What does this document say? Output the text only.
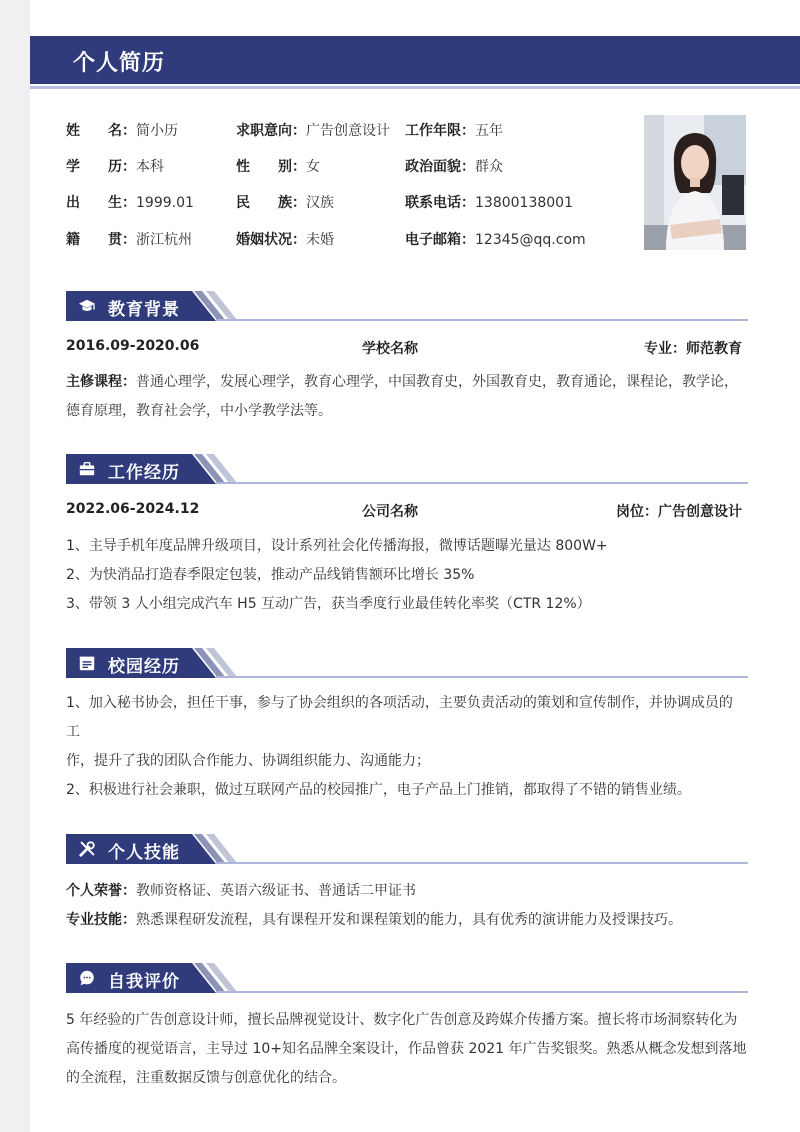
个人简历
姓　　名：简小历	求职意向：广告创意设计 工作年限：五年
学　　历：本科	性　　别：女	政治面貌：群众
出　　生：1999.01	民　　族：汉族	联系电话：13800138001
籍　　贯：浙江杭州	婚姻状况：未婚	电子邮箱：12345@qq.com
教育背景
2016.09-2020.06	学校名称	专业：师范教育
主修课程：普通心理学，发展心理学，教育心理学，中国教育史，外国教育史，教育通论，课程论，教学论，
德育原理，教育社会学，中小学教学法等。
工作经历
2022.06-2024.12	公司名称	岗位：广告创意设计
1、主导手机年度品牌升级项目，设计系列社会化传播海报，微博话题曝光量达 800W+
2、为快消品打造春季限定包装，推动产品线销售额环比增长 35%
3、带领 3 人小组完成汽车 H5 互动广告，获当季度行业最佳转化率奖（CTR 12%）
校园经历
1、加入秘书协会，担任干事，参与了协会组织的各项活动，主要负责活动的策划和宣传制作，并协调成员的
工
作，提升了我的团队合作能力、协调组织能力、沟通能力；
2、积极进行社会兼职，做过互联网产品的校园推广，电子产品上门推销，都取得了不错的销售业绩。
个人技能
个人荣誉：教师资格证、英语六级证书、普通话二甲证书
专业技能：熟悉课程研发流程，具有课程开发和课程策划的能力，具有优秀的演讲能力及授课技巧。
自我评价
5 年经验的广告创意设计师，擅长品牌视觉设计、数字化广告创意及跨媒介传播方案。擅长将市场洞察转化为
高传播度的视觉语言，主导过 10+知名品牌全案设计，作品曾获 2021 年广告奖银奖。熟悉从概念发想到落地
的全流程，注重数据反馈与创意优化的结合。
